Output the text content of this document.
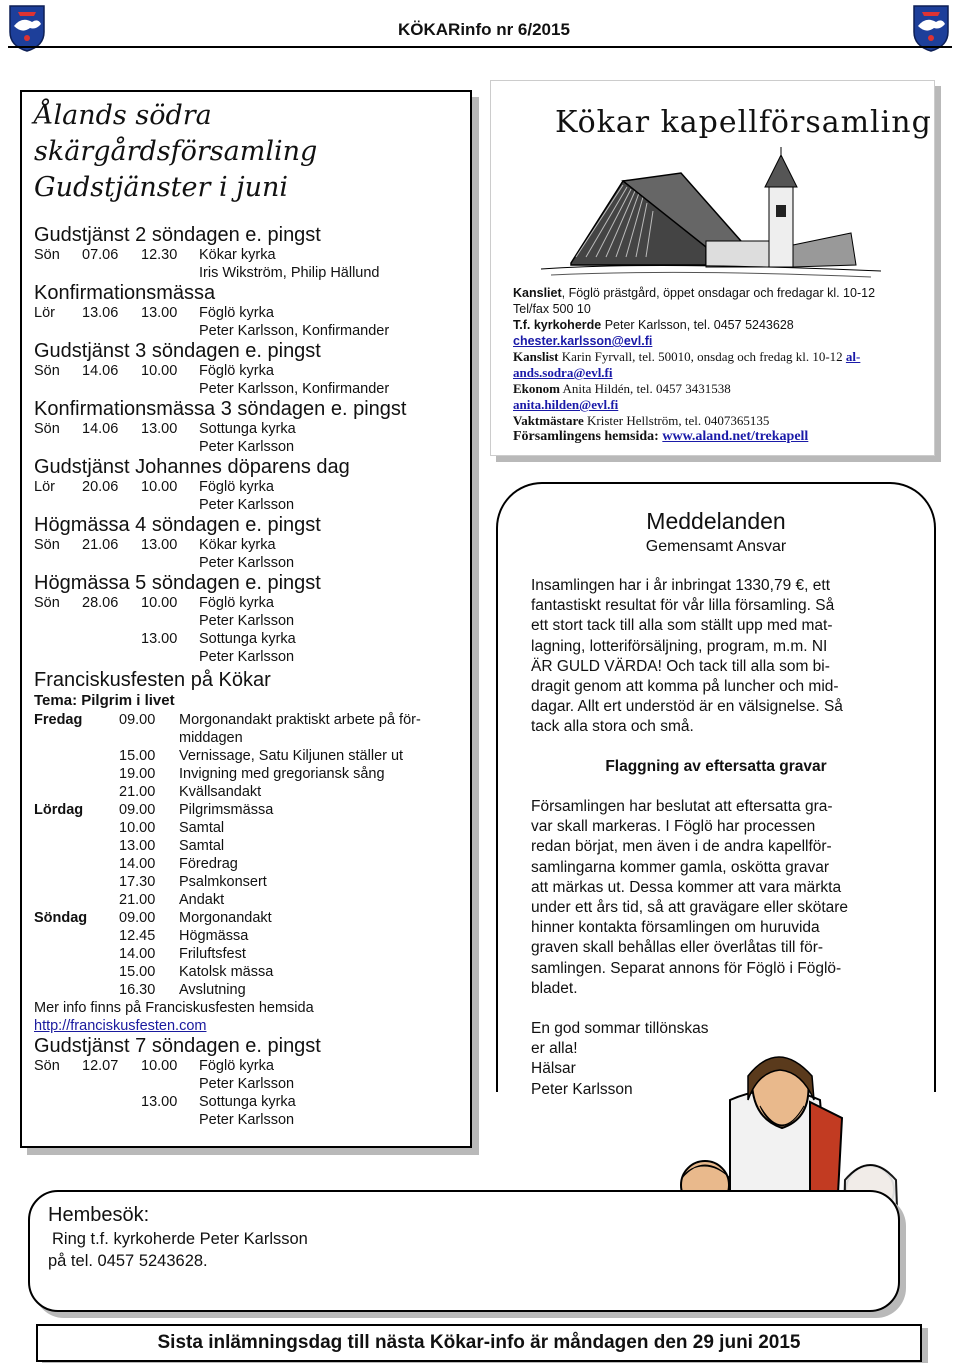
KÖKARinfo nr 6/2015

Ålands södra

skärgårdsförsamling

Gudstjänster i juni

Gudstjänst 2 söndagen e. pingst

Sön 07.06 12.30 Kökar kyrka
Iris Wikström, Philip Hällund

Konfirmationsmässa

Lör 13.06 13.00 Föglö kyrka
Peter Karlsson, Konfirmander

Gudstjänst 3 söndagen e. pingst

Sön 14.06 10.00 Föglö kyrka
Peter Karlsson, Konfirmander

Konfirmationsmässa 3 söndagen e. pingst

Sön 14.06 13.00 Sottunga kyrka
Peter Karlsson

Gudstjänst Johannes döparens dag

Lör 20.06 10.00 Föglö kyrka
Peter Karlsson

Högmässa 4 söndagen e. pingst

Sön 21.06 13.00 Kökar kyrka
Peter Karlsson

Högmässa 5 söndagen e. pingst

Sön 28.06 10.00 Föglö kyrka
Peter Karlsson
13.00 Sottunga kyrka
Peter Karlsson

Franciskusfesten på Kökar

Tema: Pilgrim i livet
Fredag	09.00 Morgonandakt praktiskt arbete på för-
middagen
15.00 Vernissage, Satu Kiljunen ställer ut
19.00 Invigning med gregoriansk sång
21.00 Kvällsandakt
Lördag 09.00 Pilgrimsmässa
10.00 Samtal
13.00 Samtal
14.00 Föredrag
17.30 Psalmkonsert
21.00 Andakt
Söndag 09.00 Morgonandakt
12.45 Högmässa
14.00 Friluftsfest
15.00 Katolsk mässa
16.30 Avslutning
Mer info finns på Franciskusfesten hemsida
http://franciskusfesten.com

Gudstjänst 7 söndagen e. pingst

Sön 12.07 10.00 Föglö kyrka
Peter Karlsson
13.00 Sottunga kyrka
Peter Karlsson
Kökar kapellförsamling
Kansliet, Föglö prästgård, öppet onsdagar och fredagar kl. 10-12
Tel/fax 500 10
T.f. kyrkoherde Peter Karlsson, tel. 0457 5243628
chester.karlsson@evl.fi
Kanslist Karin Fyrvall, tel. 50010, onsdag och fredag kl. 10-12 al-
ands.sodra@evl.fi
Ekonom Anita Hildén, tel. 0457 3431538
anita.hilden@evl.fi
Vaktmästare Krister Hellström, tel. 0407365135
Församlingens hemsida: www.aland.net/trekapell
Meddelanden
Gemensamt Ansvar
Insamlingen har i år inbringat 1330,79 €, ett
fantastiskt resultat för vår lilla församling. Så
ett stort tack till alla som ställt upp med mat-
lagning, lotteriförsäljning, program, m.m. NI
ÄR GULD VÄRDA! Och tack till alla som bi-
dragit genom att komma på luncher och mid-
dagar. Allt ert understöd är en välsignelse. Så
tack alla stora och små.
Flaggning av eftersatta gravar
Församlingen har beslutat att eftersatta gra-
var skall markeras. I Föglö har processen
redan börjat, men även i de andra kapellför-
samlingarna kommer gamla, oskötta gravar
att märkas ut. Dessa kommer att vara märkta
under ett års tid, så att gravägare eller skötare
hinner kontakta församlingen om huruvida
graven skall behållas eller överlåtas till för-
samlingen. Separat annons för Föglö i Föglö-
bladet.
En god sommar tillönskas
er alla!
Hälsar
Peter Karlsson
Hembesök:
Ring t.f. kyrkoherde Peter Karlsson
på tel. 0457 5243628.
Sista inlämningsdag till nästa Kökar-info är måndagen den 29 juni 2015
